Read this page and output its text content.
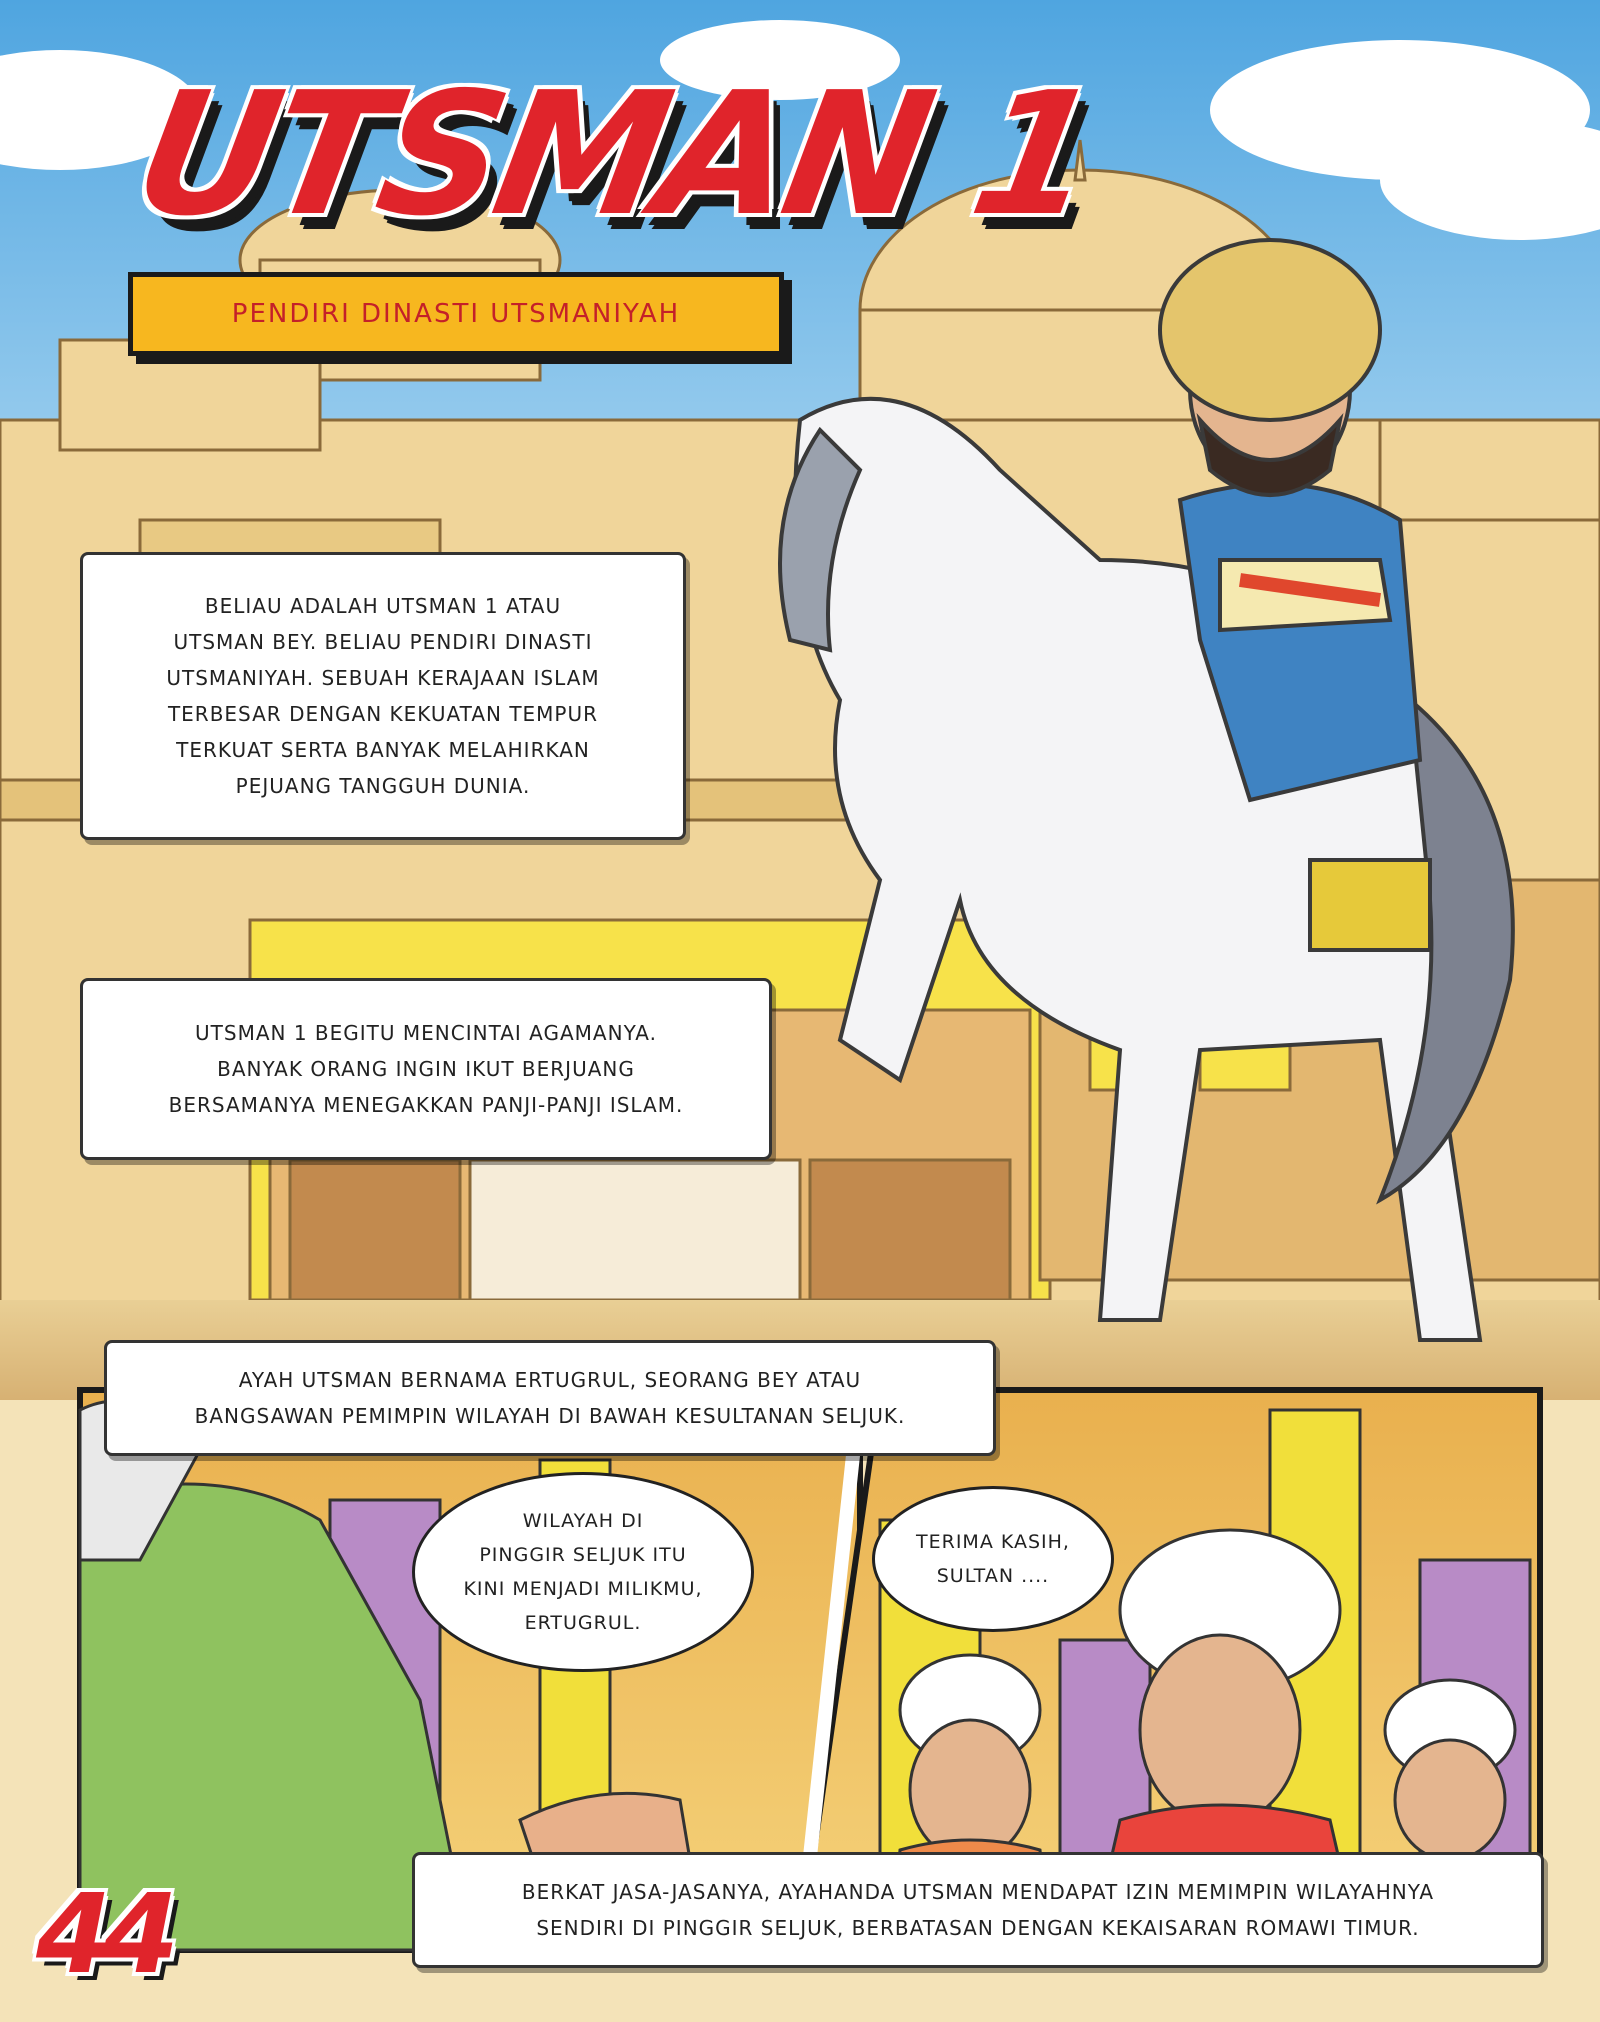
UTSMAN 1
PENDIRI DINASTI UTSMANIYAH
BELIAU ADALAH UTSMAN 1 ATAU
UTSMAN BEY. BELIAU PENDIRI DINASTI
UTSMANIYAH. SEBUAH KERAJAAN ISLAM
TERBESAR DENGAN KEKUATAN TEMPUR
TERKUAT SERTA BANYAK MELAHIRKAN
PEJUANG TANGGUH DUNIA.
UTSMAN 1 BEGITU MENCINTAI AGAMANYA.
BANYAK ORANG INGIN IKUT BERJUANG
BERSAMANYA MENEGAKKAN PANJI-PANJI ISLAM.
AYAH UTSMAN BERNAMA ERTUGRUL, SEORANG BEY ATAU
BANGSAWAN PEMIMPIN WILAYAH DI BAWAH KESULTANAN SELJUK.
BERKAT JASA-JASANYA, AYAHANDA UTSMAN MENDAPAT IZIN MEMIMPIN WILAYAHNYA
SENDIRI DI PINGGIR SELJUK, BERBATASAN DENGAN KEKAISARAN ROMAWI TIMUR.
WILAYAH DI
PINGGIR SELJUK ITU
KINI MENJADI MILIKMU,
ERTUGRUL.
TERIMA KASIH,
SULTAN ....
44
